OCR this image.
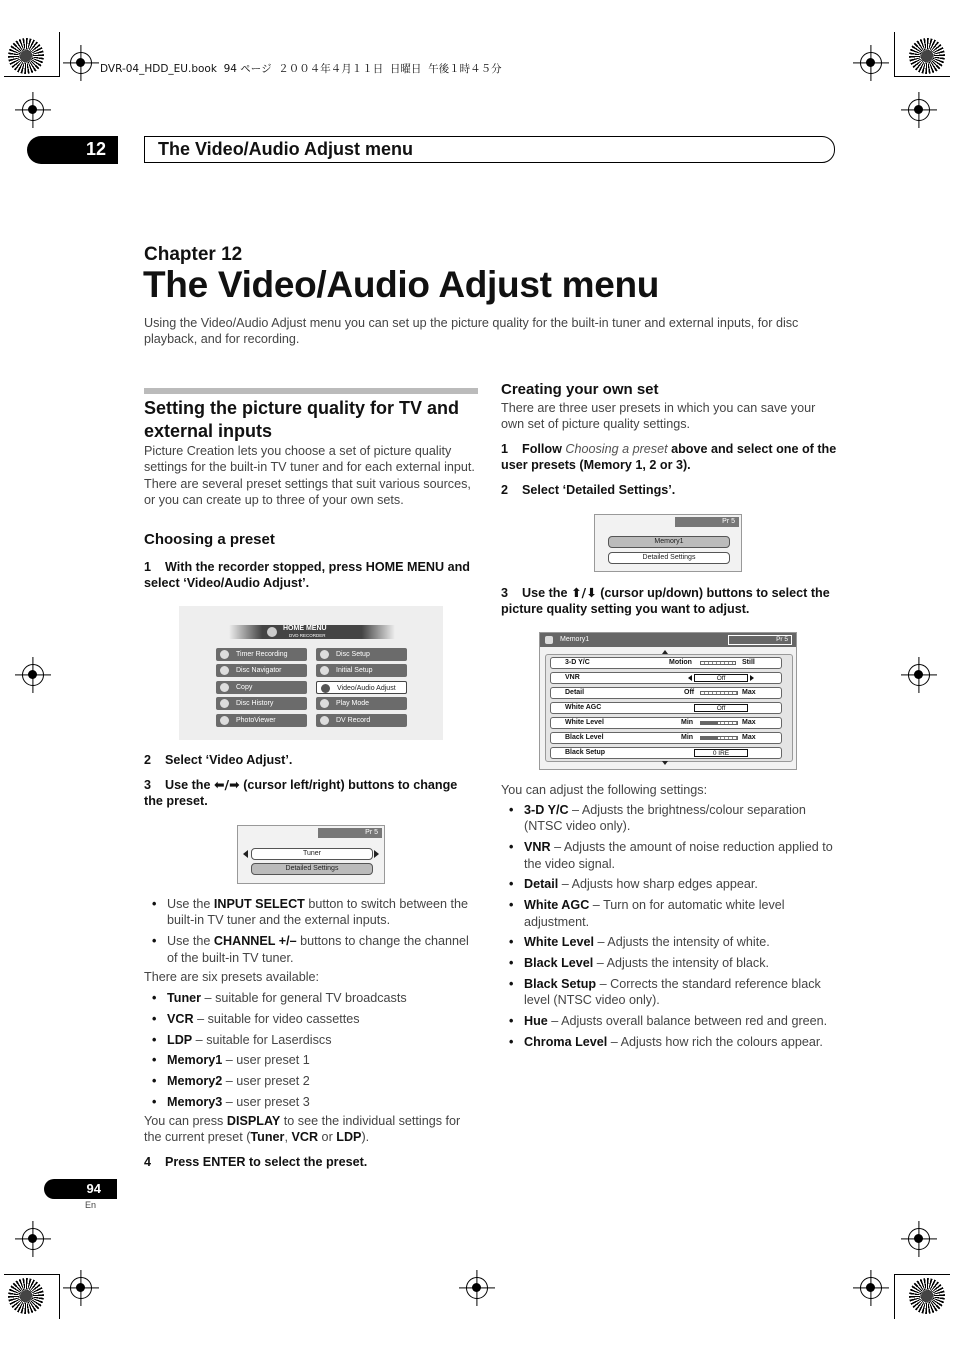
DVR-04_HDD_EU.book  94 ページ  ２００４年４月１１日  日曜日  午後１時４５分
12	The Video/Audio Adjust menu
Chapter 12
The Video/Audio Adjust menu
Using the Video/Audio Adjust menu you can set up the picture quality for the built-in tuner and external inputs, for disc playback, and for recording.
Setting the picture quality for TV and external inputs
Picture Creation lets you choose a set of picture quality settings for the built-in TV tuner and for each external input. There are several preset settings that suit various sources, or you can create up to three of your own sets.
Choosing a preset
1    With the recorder stopped, press HOME MENU and select ‘Video/Audio Adjust’.
HOME MENU
DVD RECORDER
Timer Recording
Disc Navigator
Copy
Disc History
PhotoViewer
Disc Setup
Initial Setup
Video/Audio Adjust
Play Mode
DV Record
2    Select ‘Video Adjust’.
3    Use the ⬅/➡ (cursor left/right) buttons to change the preset.
Pr 5
Tuner
Detailed Settings
• Use the INPUT SELECT button to switch between the built-in TV tuner and the external inputs.
• Use the CHANNEL +/– buttons to change the channel of the built-in TV tuner.
There are six presets available:
• Tuner – suitable for general TV broadcasts
• VCR – suitable for video cassettes
• LDP – suitable for Laserdiscs
• Memory1 – user preset 1
• Memory2 – user preset 2
• Memory3 – user preset 3
You can press DISPLAY to see the individual settings for the current preset (Tuner, VCR or LDP).
4    Press ENTER to select the preset.
Creating your own set
There are three user presets in which you can save your own set of picture quality settings.
1    Follow Choosing a preset above and select one of the user presets (Memory 1, 2 or 3).
2    Select ‘Detailed Settings’.
Pr 5
Memory1
Detailed Settings
3    Use the ⬆/⬇ (cursor up/down) buttons to select the picture quality setting you want to adjust.
Memory1	Pr 5
3-D Y/C	Motion	Still
VNR	Off
Detail	Off	Max
White AGC	Off
White Level	Min	Max
Black Level	Min	Max
Black Setup	0 IRE
You can adjust the following settings:
• 3-D Y/C – Adjusts the brightness/colour separation (NTSC video only).
• VNR – Adjusts the amount of noise reduction applied to the video signal.
• Detail – Adjusts how sharp edges appear.
• White AGC – Turn on for automatic white level adjustment.
• White Level – Adjusts the intensity of white.
• Black Level – Adjusts the intensity of black.
• Black Setup – Corrects the standard reference black level (NTSC video only).
• Hue – Adjusts overall balance between red and green.
• Chroma Level – Adjusts how rich the colours appear.
94
En
